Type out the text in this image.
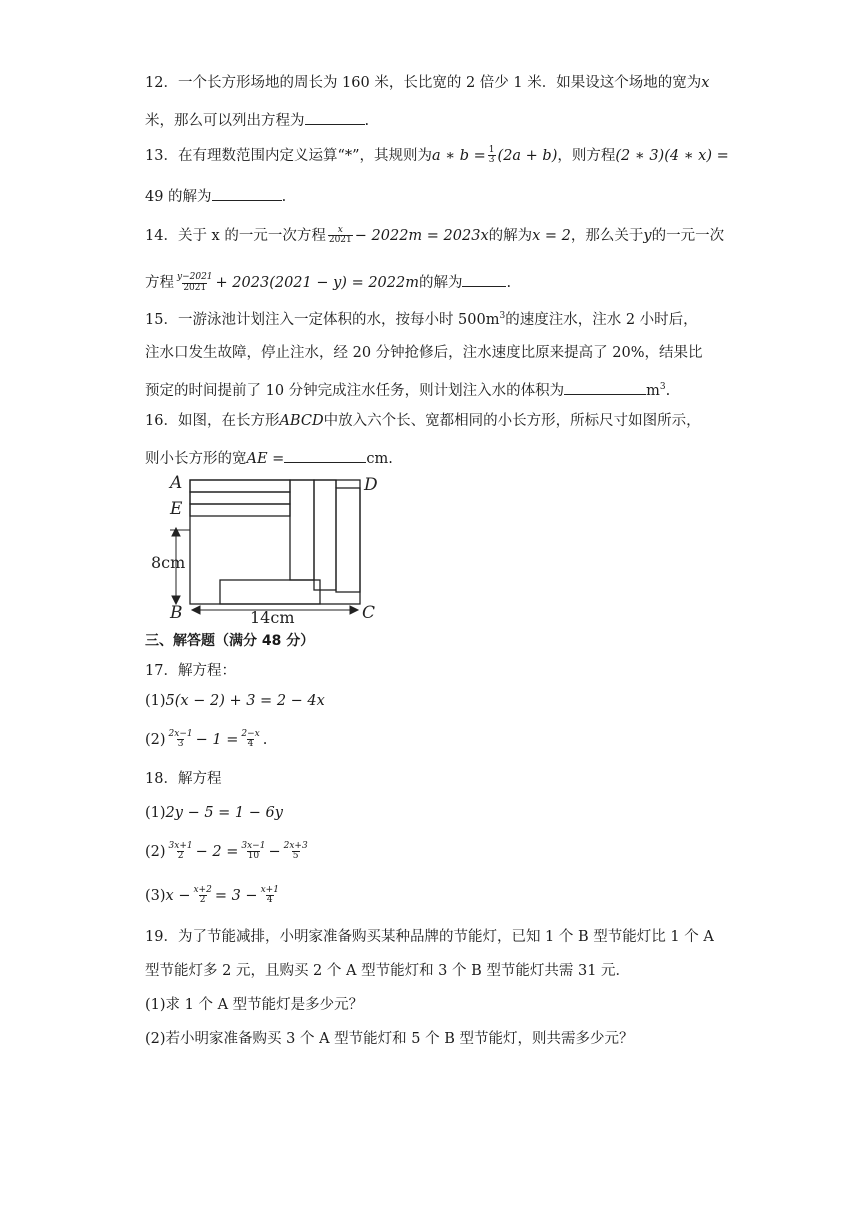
12．一个长方形场地的周长为 160 米，长比宽的 2 倍少 1 米．如果设这个场地的宽为x
米，那么可以列出方程为	.
13．在有理数范围内定义运算“*”，其规则为a ∗ $b = \frac{1}{3} (2a + b)$，则方程(2 ∗ 3)(4 ∗ x) =
49 的解为	.
14．关于 x 的一元一次方程 $\frac{x}{2021} - 2022m = 2023x$的解为x = 2，那么关于y的一元一次
方程 $\frac{y-2021}{2021} + 2023(2021 - y) = 2022m$的解为	.
15．一游泳池计划注入一定体积的水，按每小时 $500m^3$的速度注水，注水 2 小时后，
注水口发生故障，停止注水，经 20 分钟抢修后，注水速度比原来提高了 20%，结果比
预定的时间提前了 10 分钟完成注水任务，则计划注入水的体积为	$m^3$.
16．如图，在长方形ABCD中放入六个长、宽都相同的小长方形，所标尺寸如图所示，
则小长方形的宽AE =	cm.
A
E
B	C
D
8cm
14cm
三、解答题（满分 48 分）
17．解方程：
(1)5(x − 2) + 3 = 2 − 4x
$(2) \frac{2x-1}{3} - 1 = \frac{2-x}{4}$ .
18．解方程
(1)2y − 5 = 1 − 6y
$(2) \frac{3x+1}{2} - 2 = \frac{3x-1}{10} - \frac{2x+3}{5}$
$(3)x - \frac{x+2}{2} = 3 - \frac{x+1}{4}$
19．为了节能减排，小明家准备购买某种品牌的节能灯，已知 1 个 B 型节能灯比 1 个 A
型节能灯多 2 元，且购买 2 个 A 型节能灯和 3 个 B 型节能灯共需 31 元．
(1)求 1 个 A 型节能灯是多少元？
(2)若小明家准备购买 3 个 A 型节能灯和 5 个 B 型节能灯，则共需多少元？
